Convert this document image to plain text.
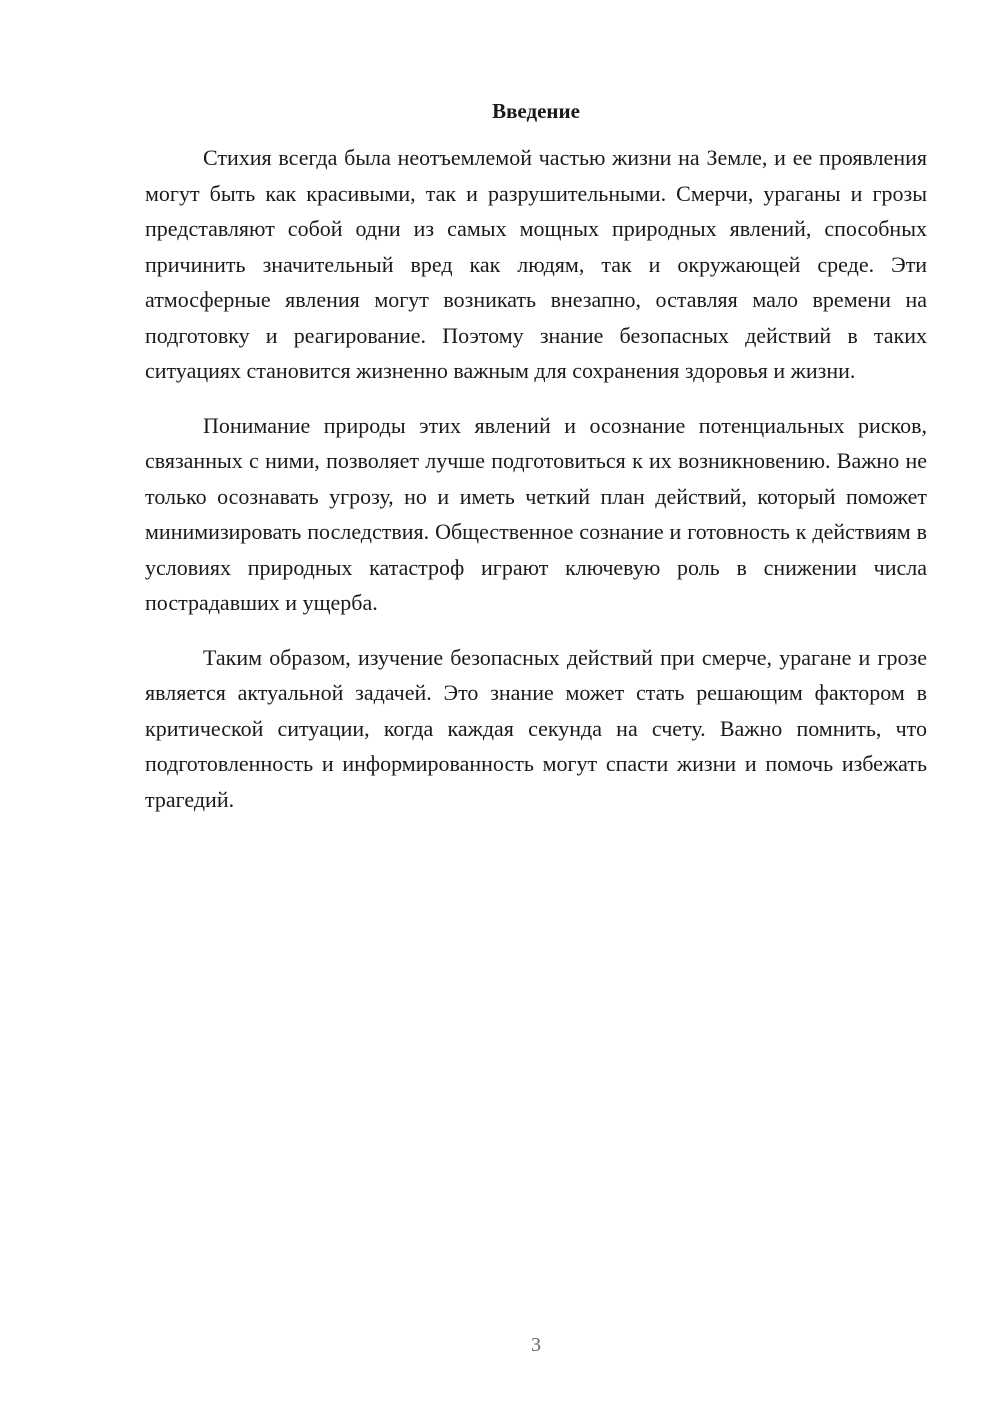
Введение

Стихия всегда была неотъемлемой частью жизни на Земле, и ее проявления могут быть как красивыми, так и разрушительными. Смерчи, ураганы и грозы представляют собой одни из самых мощных природных явлений, способных причинить значительный вред как людям, так и окружающей среде. Эти атмосферные явления могут возникать внезапно, оставляя мало времени на подготовку и реагирование. Поэтому знание безопасных действий в таких ситуациях становится жизненно важным для сохранения здоровья и жизни.

Понимание природы этих явлений и осознание потенциальных рисков, связанных с ними, позволяет лучше подготовиться к их возникновению. Важно не только осознавать угрозу, но и иметь четкий план действий, который поможет минимизировать последствия. Общественное сознание и готовность к действиям в условиях природных катастроф играют ключевую роль в снижении числа пострадавших и ущерба.

Таким образом, изучение безопасных действий при смерче, урагане и грозе является актуальной задачей. Это знание может стать решающим фактором в критической ситуации, когда каждая секунда на счету. Важно помнить, что подготовленность и информированность могут спасти жизни и помочь избежать трагедий.

3
